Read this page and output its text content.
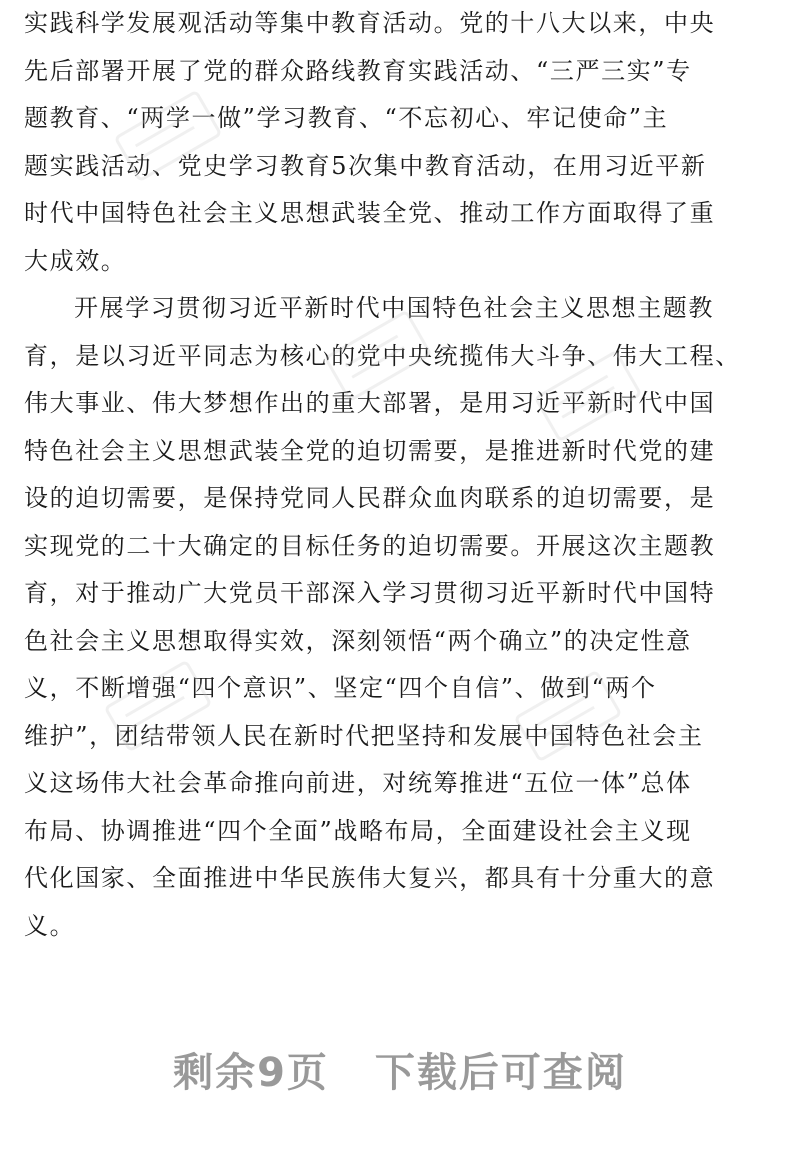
实践科学发展观活动等集中教育活动。党的十八大以来，中央
先后部署开展了党的群众路线教育实践活动、“三严三实”专
题教育、“两学一做”学习教育、“不忘初心、牢记使命”主
题实践活动、党史学习教育5次集中教育活动，在用习近平新
时代中国特色社会主义思想武装全党、推动工作方面取得了重
大成效。
开展学习贯彻习近平新时代中国特色社会主义思想主题教
育，是以习近平同志为核心的党中央统揽伟大斗争、伟大工程、
伟大事业、伟大梦想作出的重大部署，是用习近平新时代中国
特色社会主义思想武装全党的迫切需要，是推进新时代党的建
设的迫切需要，是保持党同人民群众血肉联系的迫切需要，是
实现党的二十大确定的目标任务的迫切需要。开展这次主题教
育，对于推动广大党员干部深入学习贯彻习近平新时代中国特
色社会主义思想取得实效，深刻领悟“两个确立”的决定性意
义，不断增强“四个意识”、坚定“四个自信”、做到“两个
维护”，团结带领人民在新时代把坚持和发展中国特色社会主
义这场伟大社会革命推向前进，对统筹推进“五位一体”总体
布局、协调推进“四个全面”战略布局，全面建设社会主义现
代化国家、全面推进中华民族伟大复兴，都具有十分重大的意
义。
剩余9页 下载后可查阅
